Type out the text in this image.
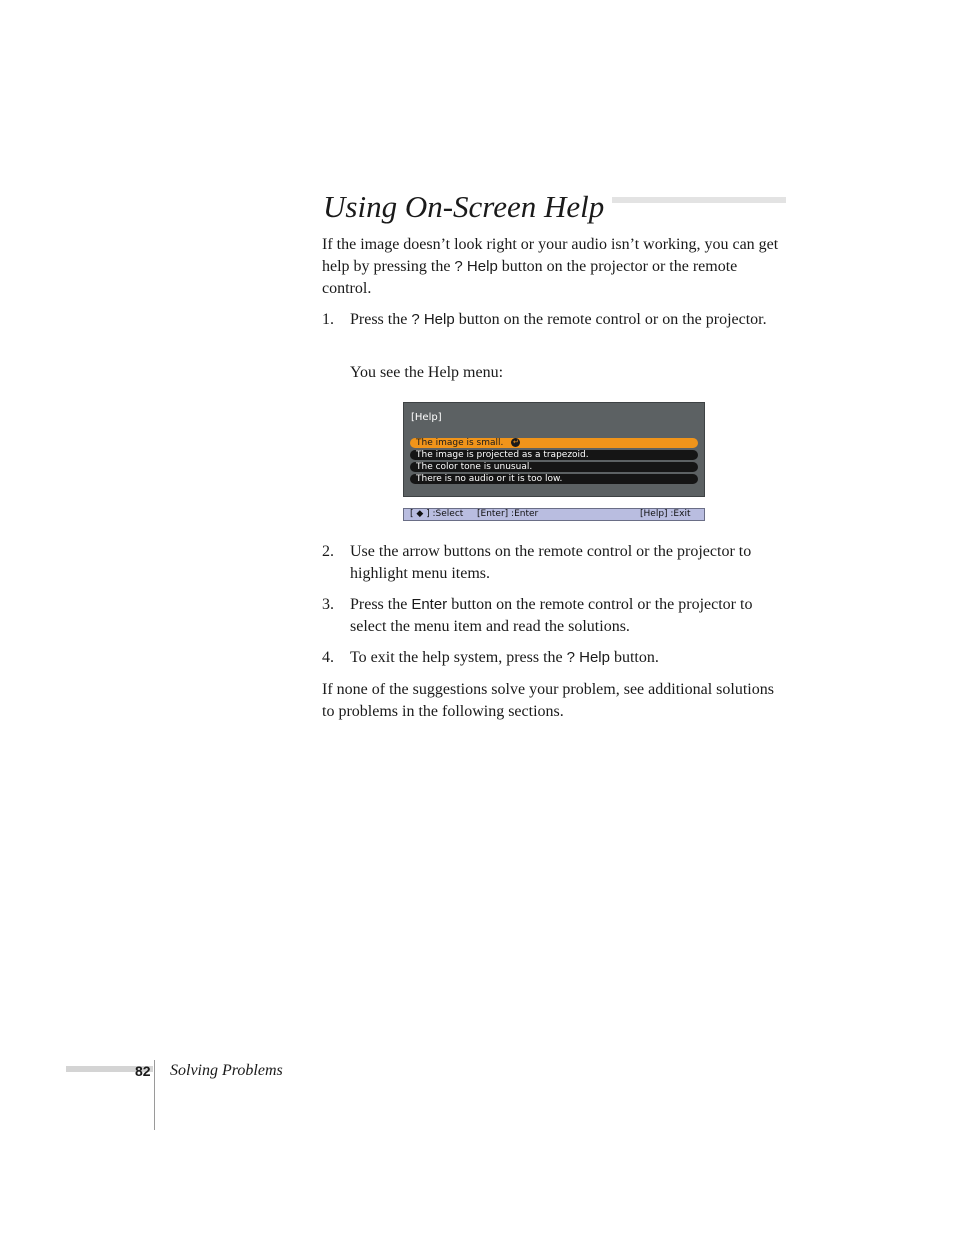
Using On-Screen Help

If the image doesn’t look right or your audio isn’t working, you can get help by pressing the ? Help button on the projector or the remote control.

1. Press the ? Help button on the remote control or on the projector.

You see the Help menu:

[Help]
The image is small. ↵
The image is projected as a trapezoid.
The color tone is unusual.
There is no audio or it is too low.
[ ◆ ] :Select [Enter] :Enter	[Help] :Exit
2. Use the arrow buttons on the remote control or the projector to highlight menu items.
3. Press the Enter button on the remote control or the projector to select the menu item and read the solutions.
4. To exit the help system, press the ? Help button.

If none of the suggestions solve your problem, see additional solutions to problems in the following sections.

82 Solving Problems
